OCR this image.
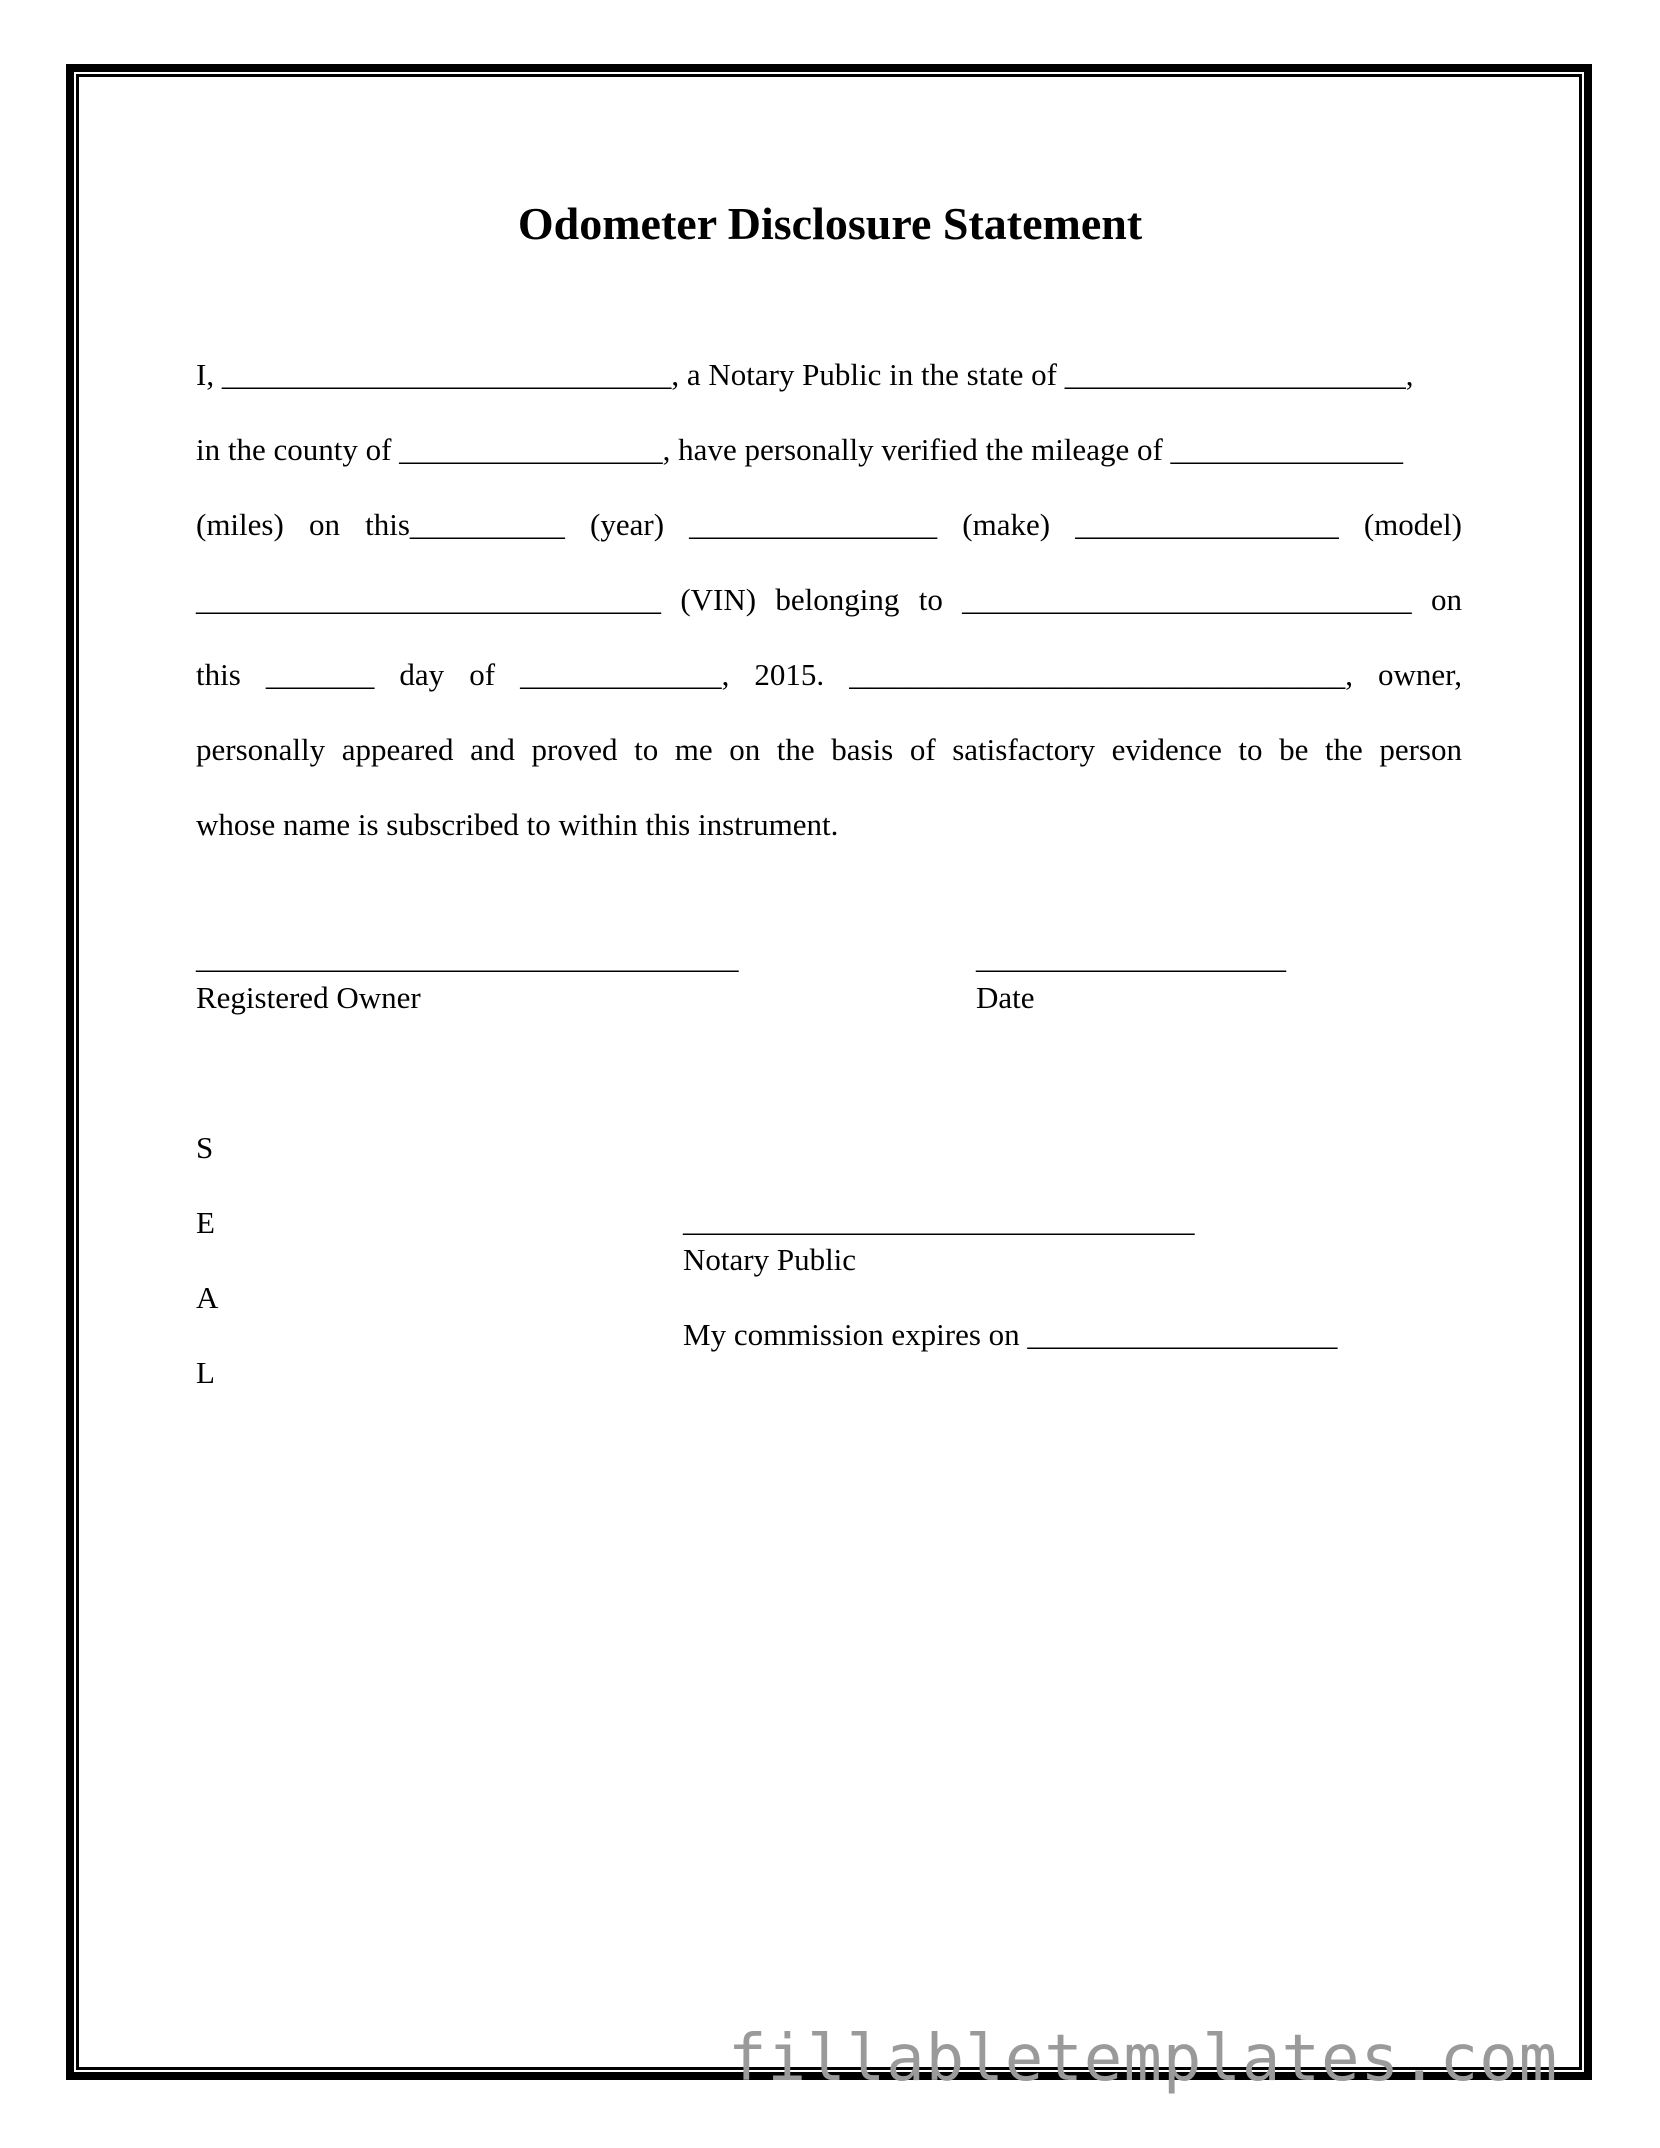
Odometer Disclosure Statement
I, _____________________________, a Notary Public in the state of ______________________,
in the county of _________________, have personally verified the mileage of _______________
(miles) on this__________ (year) ________________ (make) _________________ (model)
______________________________ (VIN) belonging to _____________________________ on
this _______ day of _____________, 2015. ________________________________, owner,
personally appeared and proved to me on the basis of satisfactory evidence to be the person
whose name is subscribed to within this instrument.
___________________________________
Registered Owner
____________________
Date
S
E
A
L
_________________________________
Notary Public
My commission expires on ____________________
fillabletemplates.com
